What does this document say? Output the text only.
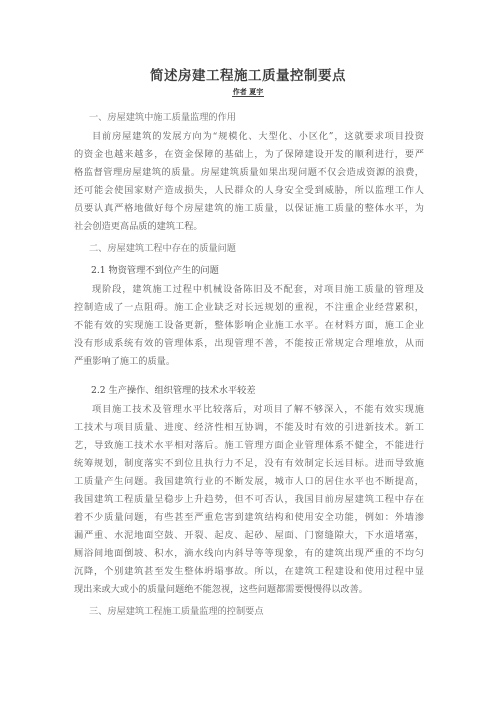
简述房建工程施工质量控制要点
作者 夏宇
一、房屋建筑中施工质量监理的作用
目前房屋建筑的发展方向为“规模化、大型化、小区化”，这就要求项目投资
的资金也越来越多，在资金保障的基础上，为了保障建设开发的顺利进行，要严
格监督管理房屋建筑的质量。房屋建筑质量如果出现问题不仅会造成资源的浪费，
还可能会使国家财产造成损失，人民群众的人身安全受到威胁，所以监理工作人
员要认真严格地做好每个房屋建筑的施工质量，以保证施工质量的整体水平，为
社会创造更高品质的建筑工程。
二、房屋建筑工程中存在的质量问题
2.1 物资管理不到位产生的问题
现阶段，建筑施工过程中机械设备陈旧及不配套，对项目施工质量的管理及
控制造成了一点阻碍。施工企业缺乏对长远规划的重视，不注重企业经营累积，
不能有效的实现施工设备更新，整体影响企业施工水平。在材料方面，施工企业
没有形成系统有效的管理体系，出现管理不善，不能按正常规定合理堆放，从而
严重影响了施工的质量。
2.2 生产操作、组织管理的技术水平较差
项目施工技术及管理水平比较落后，对项目了解不够深入，不能有效实现施
工技术与项目质量、进度、经济性相互协调，不能及时有效的引进新技术。新工
艺，导致施工技术水平相对落后。施工管理方面企业管理体系不健全，不能进行
统筹规划，制度落实不到位且执行力不足，没有有效制定长远目标。进而导致施
工质量产生问题。我国建筑行业的不断发展，城市人口的居住水平也不断提高，
我国建筑工程质量呈稳步上升趋势，但不可否认，我国目前房屋建筑工程中存在
着不少质量问题，有些甚至严重危害到建筑结构和使用安全功能，例如：外墙渗
漏严重、水泥地面空鼓、开裂、起皮、起砂、屋面、门窗缝隙大，下水道堵塞，
厕浴间地面倒坡、积水，滴水线向内斜导等等现象，有的建筑出现严重的不均匀
沉降，个别建筑甚至发生整体坍塌事故。所以，在建筑工程建设和使用过程中显
现出来或大或小的质量问题绝不能忽视，这些问题都需要慢慢得以改善。
三、房屋建筑工程施工质量监理的控制要点
